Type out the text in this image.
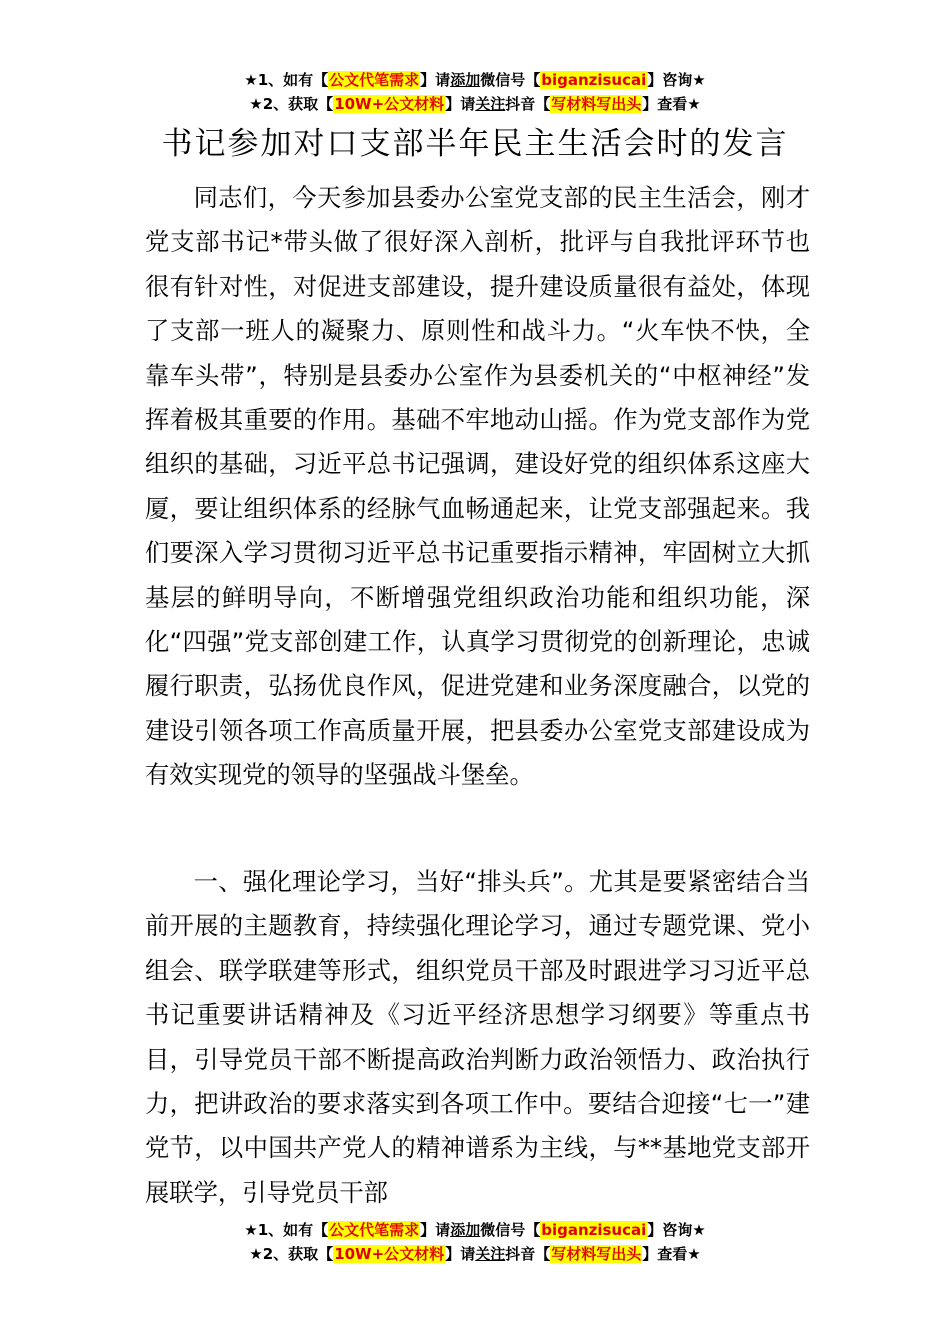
★1、如有【公文代笔需求】请添加微信号【biganzisucai】咨询★
★2、获取【10W+公文材料】请关注抖音【写材料写出头】查看★
书记参加对口支部半年民主生活会时的发言

同志们，今天参加县委办公室党支部的民主生活会，刚才党支部书记*带头做了很好深入剖析，批评与自我批评环节也很有针对性，对促进支部建设，提升建设质量很有益处，体现了支部一班人的凝聚力、原则性和战斗力。“火车快不快，全靠车头带”，特别是县委办公室作为县委机关的“中枢神经”发挥着极其重要的作用。基础不牢地动山摇。作为党支部作为党组织的基础，习近平总书记强调，建设好党的组织体系这座大厦，要让组织体系的经脉气血畅通起来，让党支部强起来。我们要深入学习贯彻习近平总书记重要指示精神，牢固树立大抓基层的鲜明导向，不断增强党组织政治功能和组织功能，深化“四强”党支部创建工作，认真学习贯彻党的创新理论，忠诚履行职责，弘扬优良作风，促进党建和业务深度融合，以党的建设引领各项工作高质量开展，把县委办公室党支部建设成为有效实现党的领导的坚强战斗堡垒。

一、强化理论学习，当好“排头兵”。尤其是要紧密结合当前开展的主题教育，持续强化理论学习，通过专题党课、党小组会、联学联建等形式，组织党员干部及时跟进学习习近平总书记重要讲话精神及《习近平经济思想学习纲要》等重点书目，引导党员干部不断提高政治判断力政治领悟力、政治执行力，把讲政治的要求落实到各项工作中。要结合迎接“七一”建党节，以中国共产党人的精神谱系为主线，与**基地党支部开展联学，引导党员干部

★1、如有【公文代笔需求】请添加微信号【biganzisucai】咨询★
★2、获取【10W+公文材料】请关注抖音【写材料写出头】查看★
